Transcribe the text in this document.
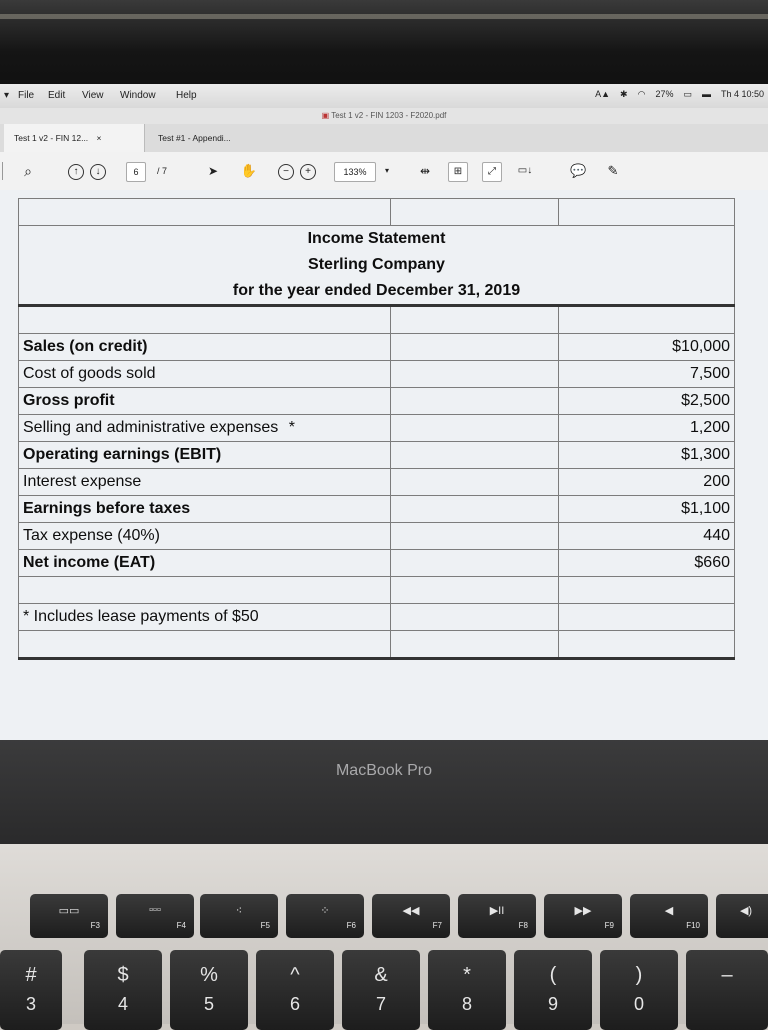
▾ File Edit View Window Help	A▲ ✱ ◠ 27% ▭ ▬ Th 4 10:50
▣ Test 1 v2 - FIN 1203 - F2020.pdf
Test 1 v2 - FIN 12... ×	Test #1 - Appendi...
⌕	↑	↓	6	/ 7	➤ ✋	−	+	133%	▾	⇹	⊞	⤢	▭↓	💬 ✎

Income Statement		
Sterling Company		
for the year ended December 31, 2019		

Sales (on credit)		$10,000
Cost of goods sold		7,500
Gross profit		$2,500
Selling and administrative expenses *		1,200
Operating earnings (EBIT)		$1,300
Interest expense		200
Earnings before taxes		$1,100
Tax expense (40%)		440
Net income (EAT)		$660

* Includes lease payments of $50		

MacBook Pro
▭▭
F3
▫▫▫
F4
⁖
F5
⁘
F6
◀◀
F7
▶II
F8
▶▶
F9
◀
F10
◀)
#
3
$
4
%
5
^
6
&
7
*
8
(
9
)
0
–
